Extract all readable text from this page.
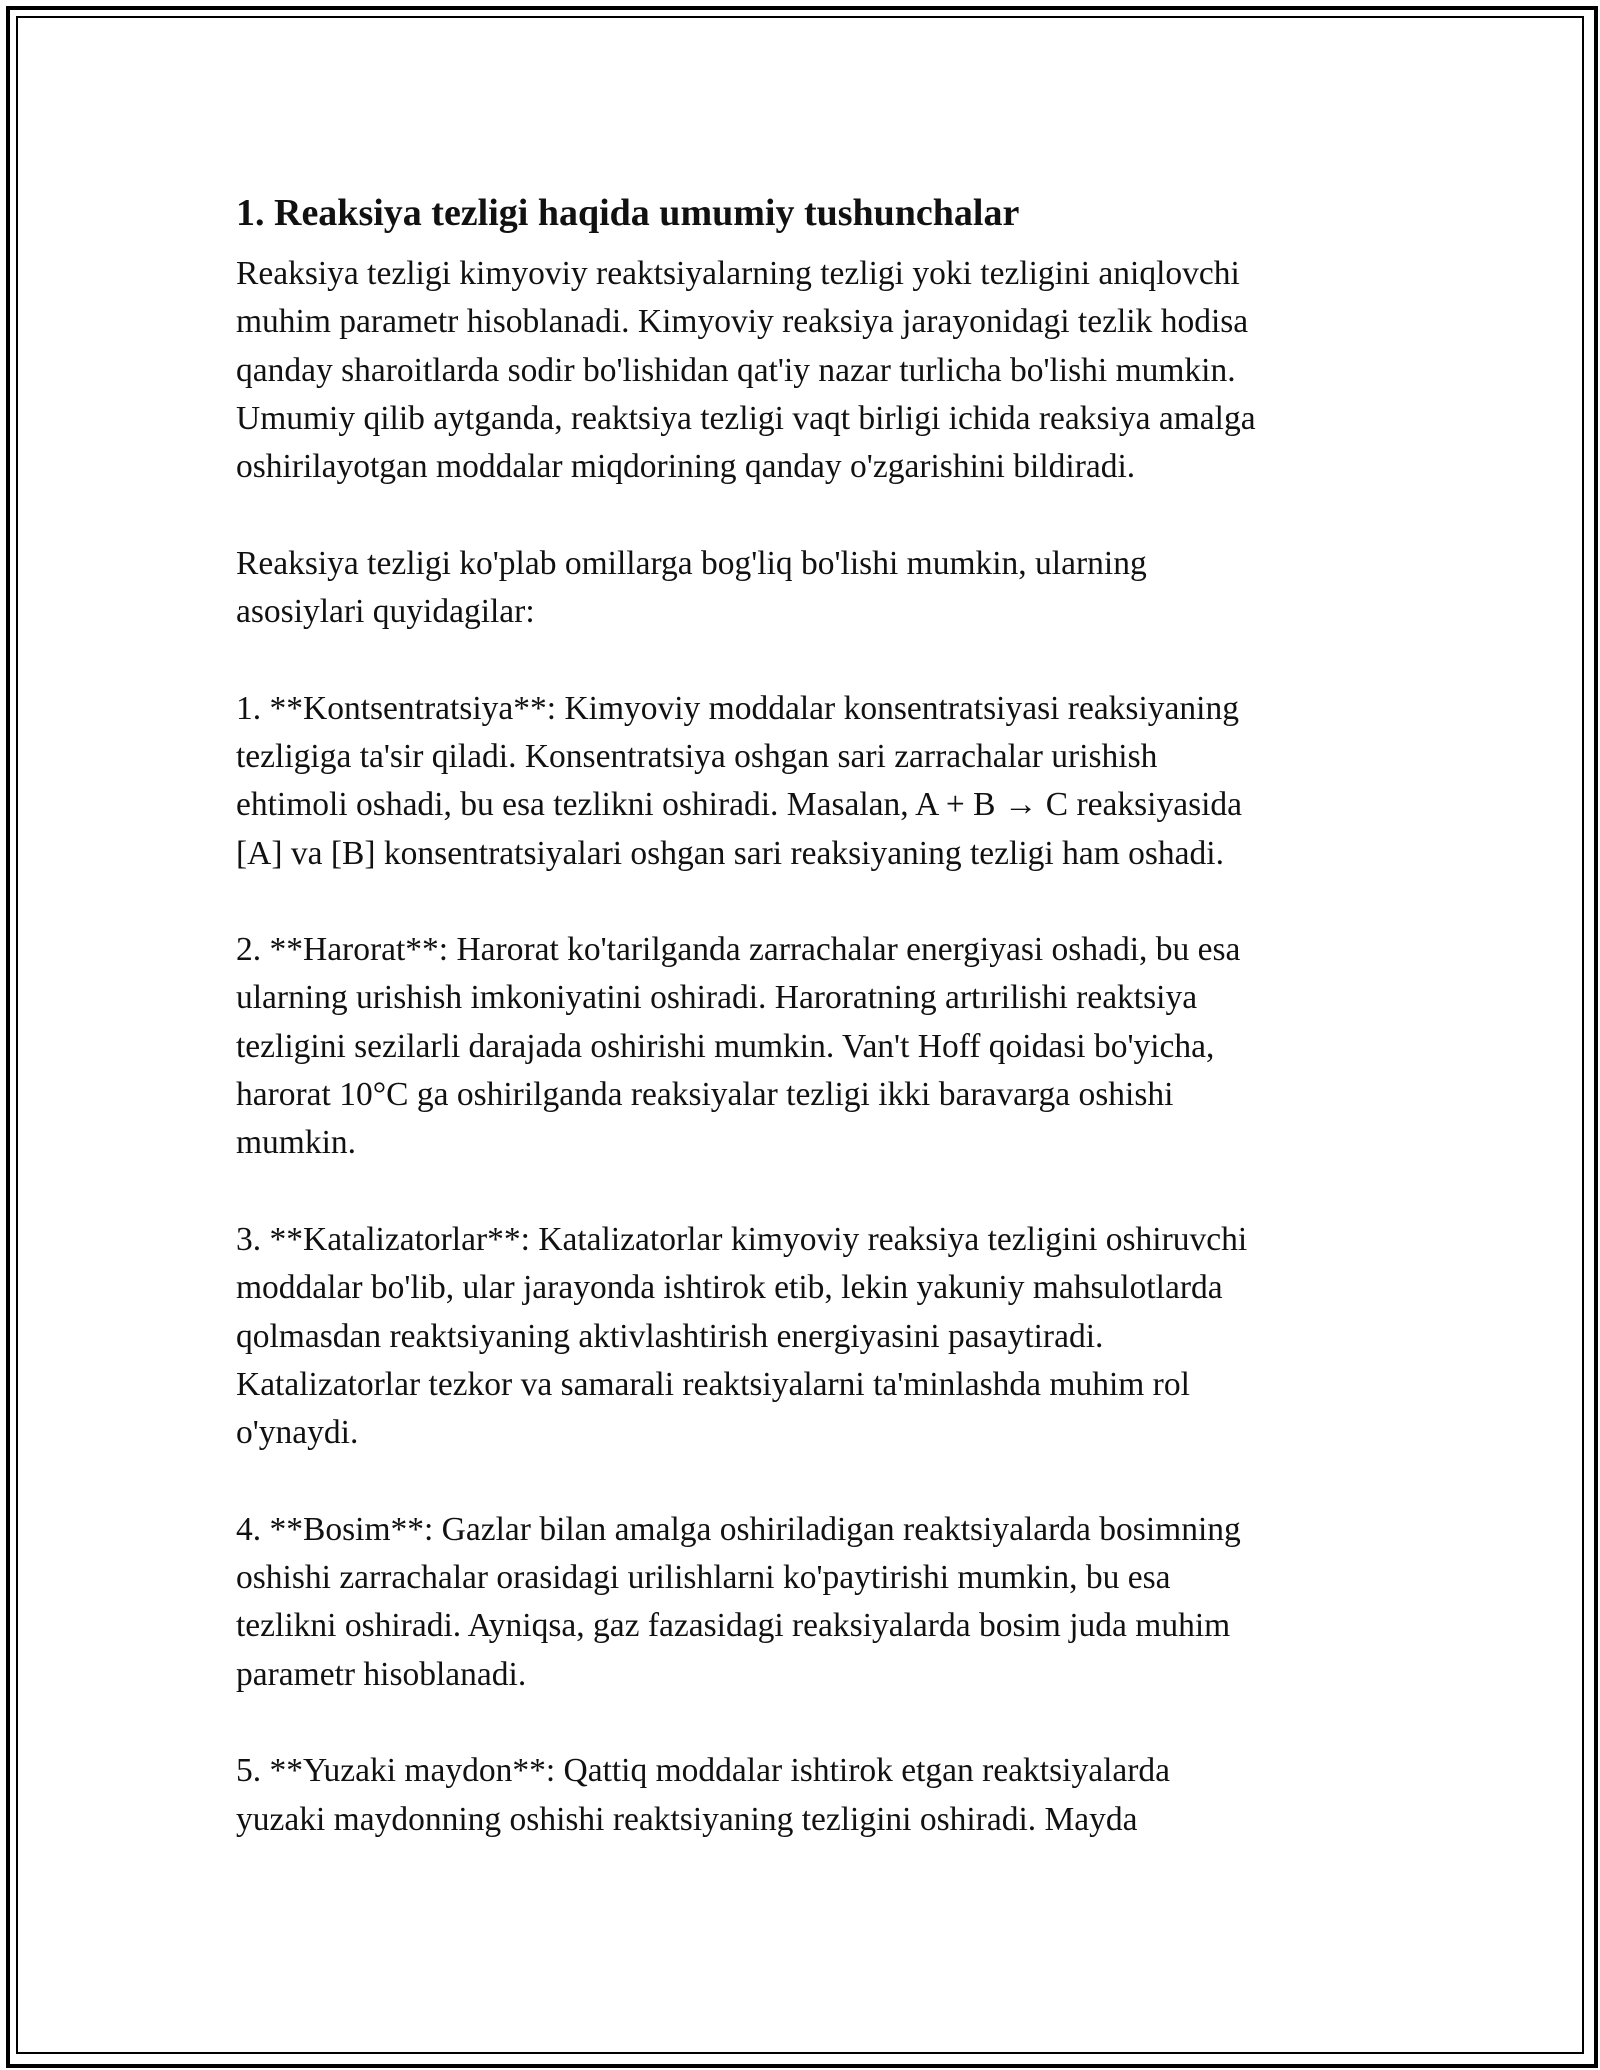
1. Reaksiya tezligi haqida umumiy tushunchalar
Reaksiya tezligi kimyoviy reaktsiyalarning tezligi yoki tezligini aniqlovchi
muhim parametr hisoblanadi. Kimyoviy reaksiya jarayonidagi tezlik hodisa
qanday sharoitlarda sodir bo'lishidan qat'iy nazar turlicha bo'lishi mumkin.
Umumiy qilib aytganda, reaktsiya tezligi vaqt birligi ichida reaksiya amalga
oshirilayotgan moddalar miqdorining qanday o'zgarishini bildiradi.
Reaksiya tezligi ko'plab omillarga bog'liq bo'lishi mumkin, ularning
asosiylari quyidagilar:
1. **Kontsentratsiya**: Kimyoviy moddalar konsentratsiyasi reaksiyaning
tezligiga ta'sir qiladi. Konsentratsiya oshgan sari zarrachalar urishish
ehtimoli oshadi, bu esa tezlikni oshiradi. Masalan, A + B → C reaksiyasida
[A] va [B] konsentratsiyalari oshgan sari reaksiyaning tezligi ham oshadi.
2. **Harorat**: Harorat ko'tarilganda zarrachalar energiyasi oshadi, bu esa
ularning urishish imkoniyatini oshiradi. Haroratning artırilishi reaktsiya
tezligini sezilarli darajada oshirishi mumkin. Van't Hoff qoidasi bo'yicha,
harorat 10°C ga oshirilganda reaksiyalar tezligi ikki baravarga oshishi
mumkin.
3. **Katalizatorlar**: Katalizatorlar kimyoviy reaksiya tezligini oshiruvchi
moddalar bo'lib, ular jarayonda ishtirok etib, lekin yakuniy mahsulotlarda
qolmasdan reaktsiyaning aktivlashtirish energiyasini pasaytiradi.
Katalizatorlar tezkor va samarali reaktsiyalarni ta'minlashda muhim rol
o'ynaydi.
4. **Bosim**: Gazlar bilan amalga oshiriladigan reaktsiyalarda bosimning
oshishi zarrachalar orasidagi urilishlarni ko'paytirishi mumkin, bu esa
tezlikni oshiradi. Ayniqsa, gaz fazasidagi reaksiyalarda bosim juda muhim
parametr hisoblanadi.
5. **Yuzaki maydon**: Qattiq moddalar ishtirok etgan reaktsiyalarda
yuzaki maydonning oshishi reaktsiyaning tezligini oshiradi. Mayda
